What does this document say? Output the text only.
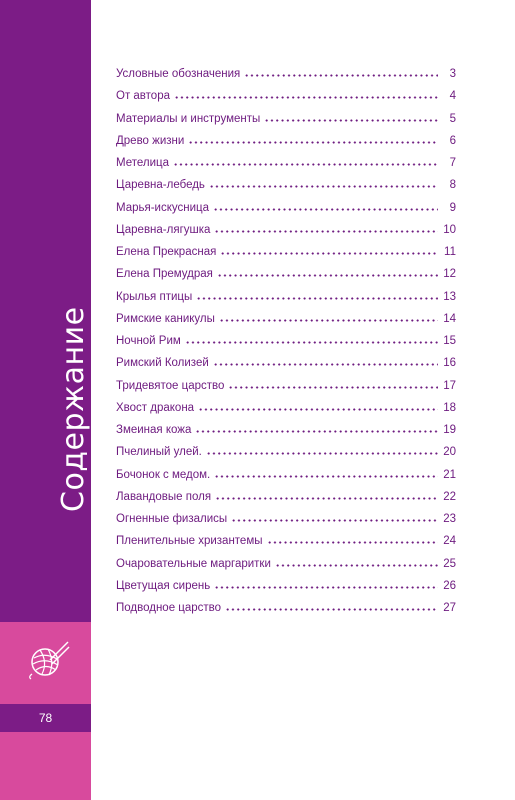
Содержание
78
Условные обозначения	3
От автора	4
Материалы и инструменты	5
Древо жизни	6
Метелица	7
Царевна-лебедь	8
Марья-искусница	9
Царевна-лягушка	10
Елена Прекрасная	11
Елена Премудрая	12
Крылья птицы	13
Римские каникулы	14
Ночной Рим	15
Римский Колизей	16
Тридевятое царство	17
Хвост дракона	18
Змеиная кожа	19
Пчелиный улей.	20
Бочонок с медом.	21
Лавандовые поля	22
Огненные физалисы	23
Пленительные хризантемы	24
Очаровательные маргаритки	25
Цветущая сирень	26
Подводное царство	27
